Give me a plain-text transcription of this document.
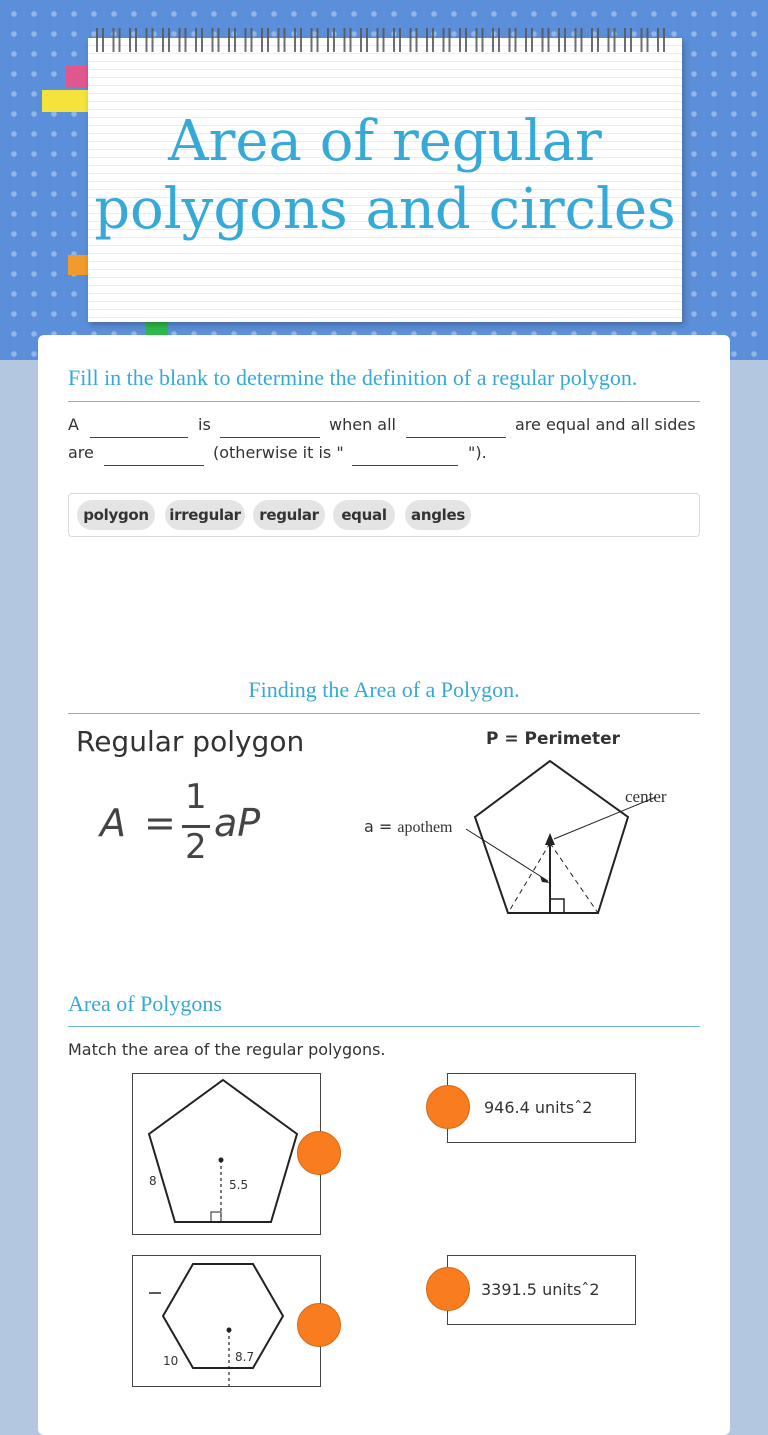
Area of regular
polygons and circles
Fill in the blank to determine the definition of a regular polygon.
A	is	when all	are equal and all sides
are	(otherwise it is "	").
polygon	irregular	regular	equal	angles
Finding the Area of a Polygon.
Regular polygon
A =
1
2
aP
P = Perimeter
a = apothem
center
Area of Polygons
Match the area of the regular polygons.
8	5.5
10	8.7
946.4 unitsˆ2
3391.5 unitsˆ2
